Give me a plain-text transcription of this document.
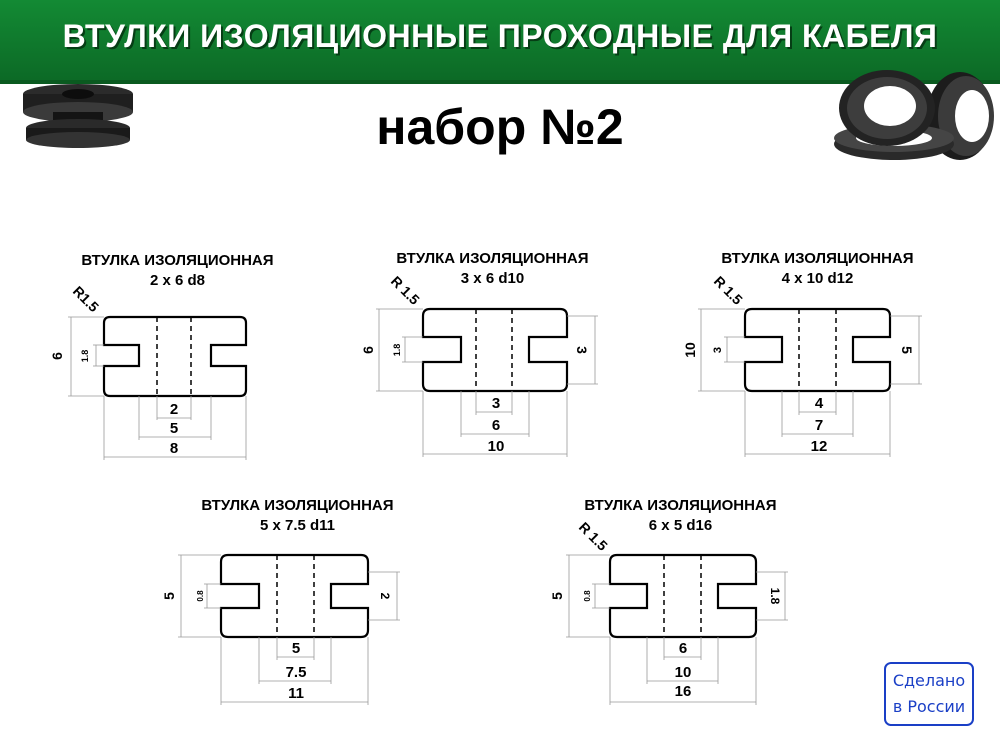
ВТУЛКИ ИЗОЛЯЦИОННЫЕ ПРОХОДНЫЕ ДЛЯ КАБЕЛЯ
набор №2
ВТУЛКА ИЗОЛЯЦИОННАЯ
2 x 6 d8
R1.5
6 1.8
2
5
8
ВТУЛКА ИЗОЛЯЦИОННАЯ
3 x 6 d10
R 1.5
6 1.8	3
3
6
10
ВТУЛКА ИЗОЛЯЦИОННАЯ
4 x 10 d12
R 1.5
10 3	5
4
7
12
ВТУЛКА ИЗОЛЯЦИОННАЯ
5 x 7.5 d11
5 0.8	2
5
7.5
11
ВТУЛКА ИЗОЛЯЦИОННАЯ
6 x 5 d16
R 1.5
5 0.8	1.8
6
10
16
Сделано
в России
